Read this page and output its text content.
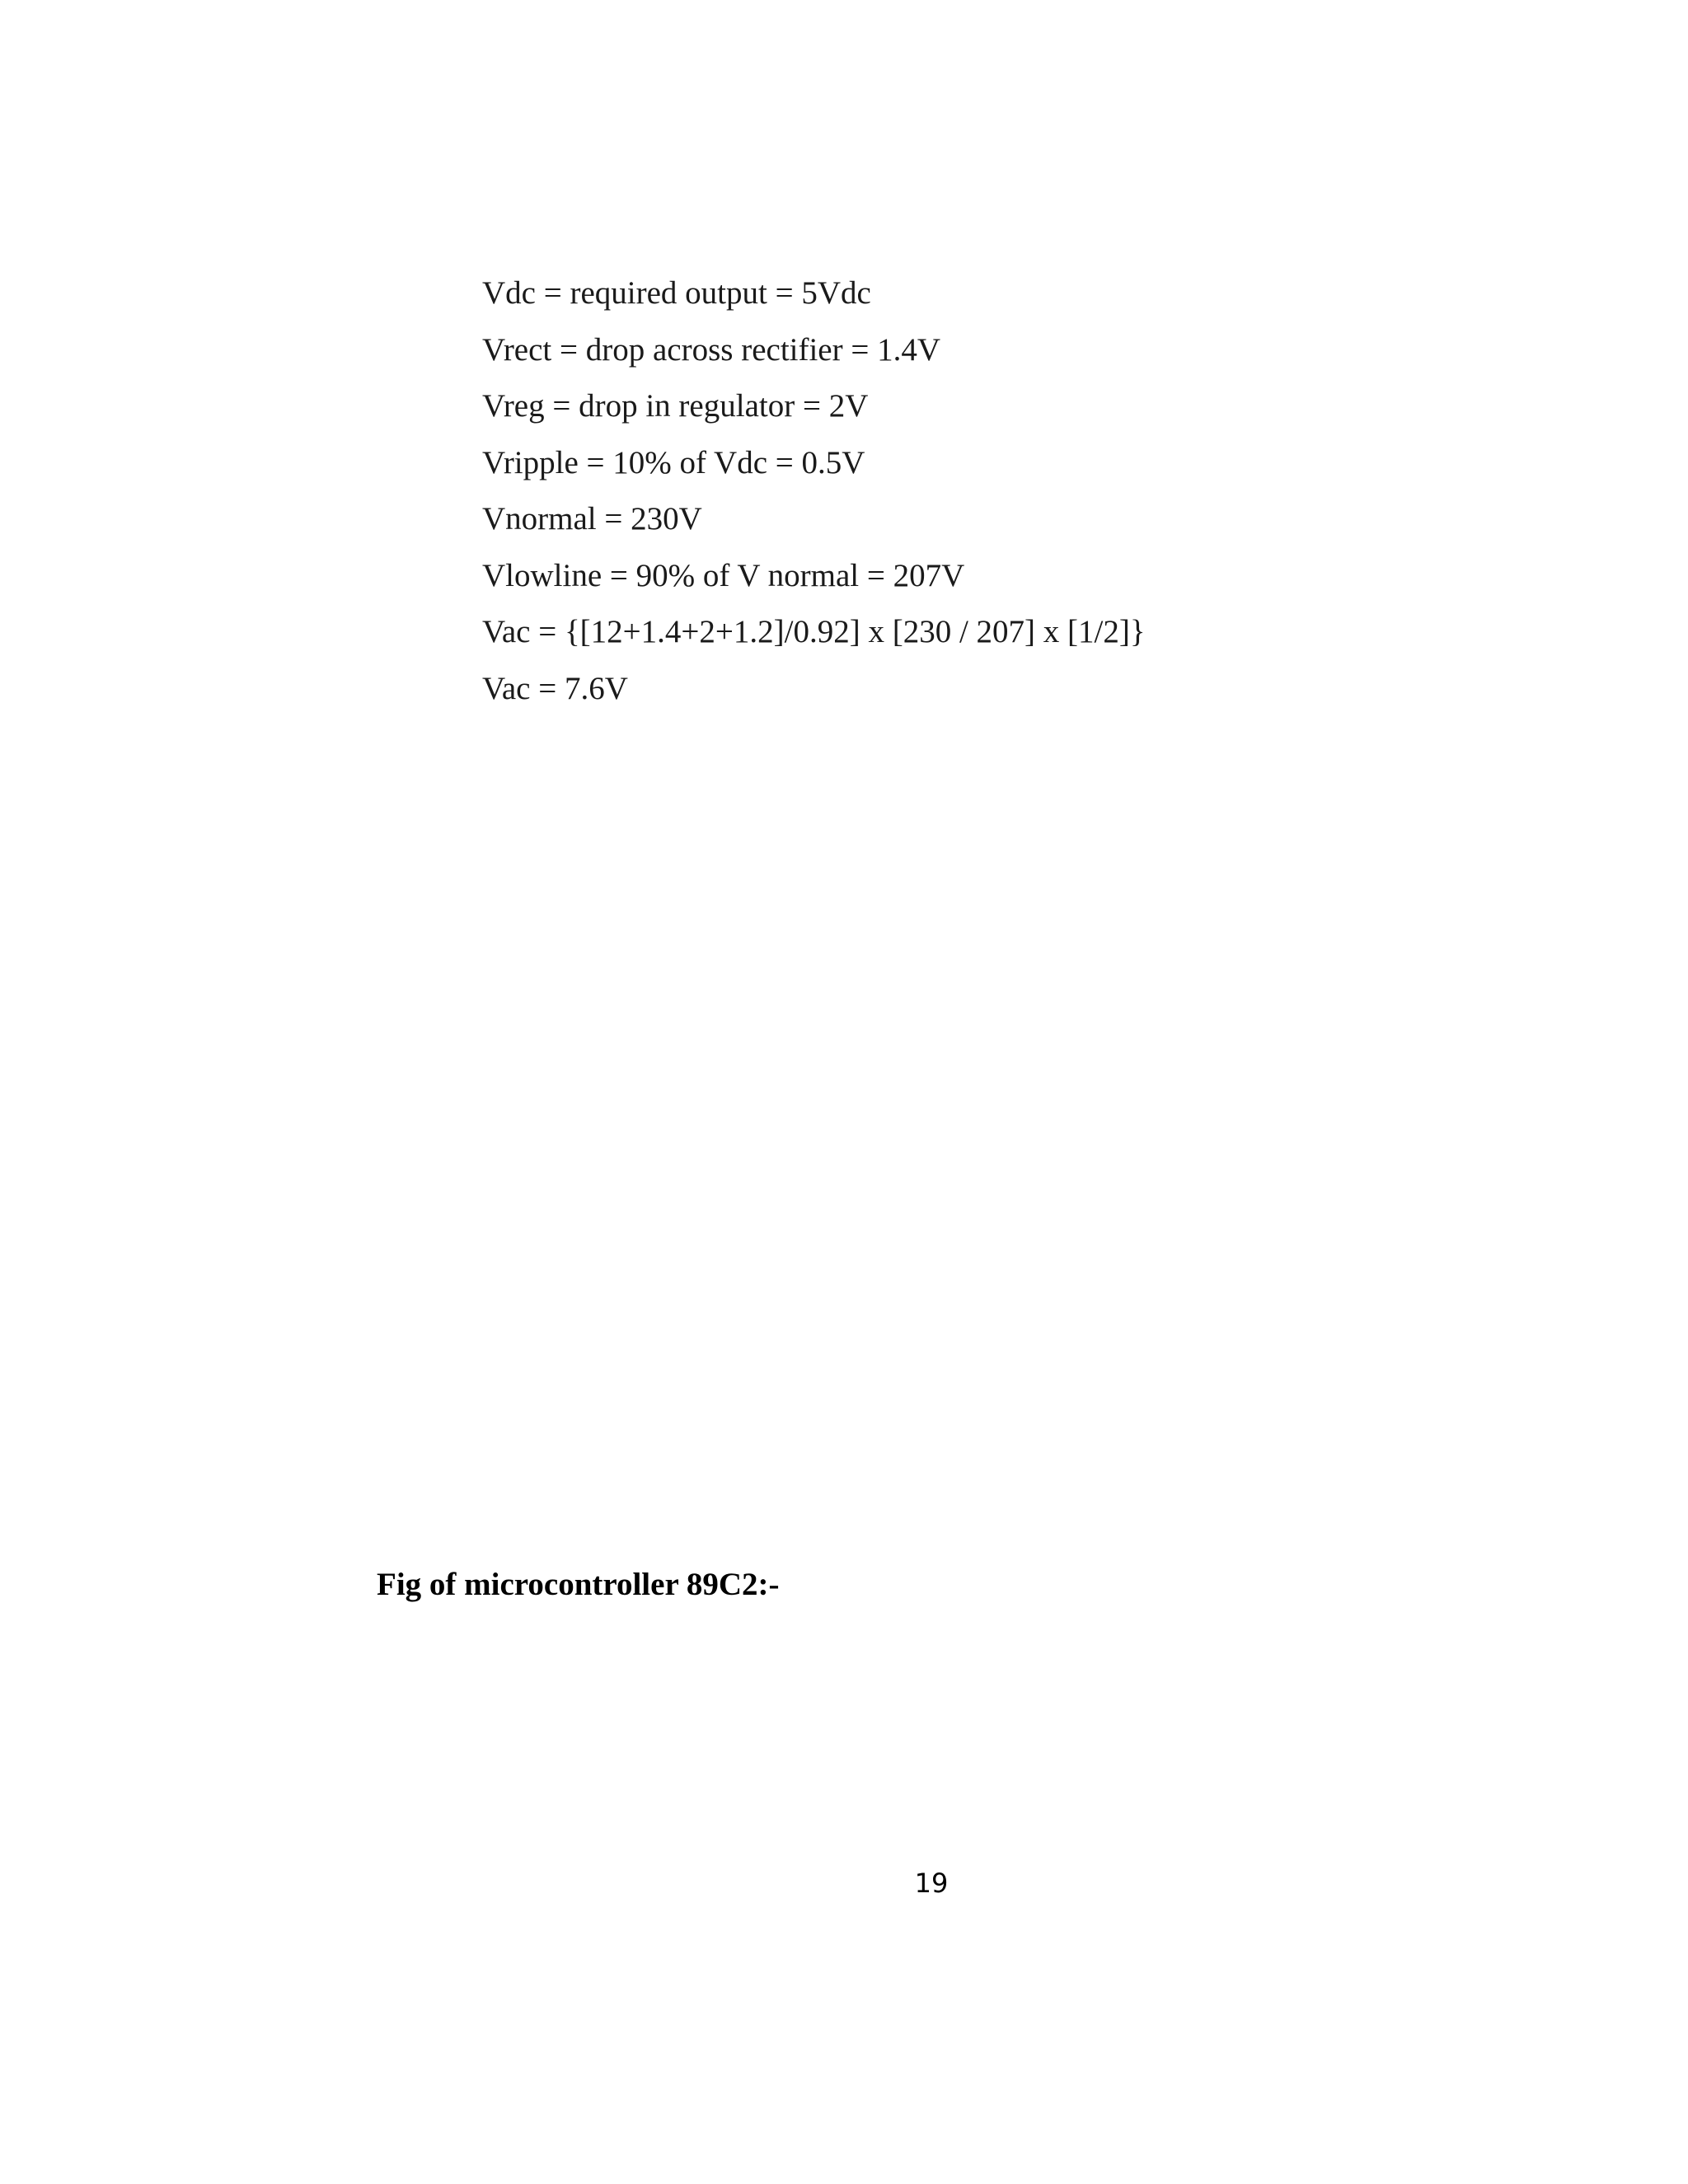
Vdc = required output = 5Vdc
Vrect = drop across rectifier = 1.4V
Vreg = drop in regulator = 2V
Vripple = 10% of Vdc = 0.5V
Vnormal = 230V
Vlowline = 90% of V normal = 207V
Vac = {[12+1.4+2+1.2]/0.92] x [230 / 207] x [1/2]}
Vac = 7.6V
Fig of microcontroller 89C2:-
19
